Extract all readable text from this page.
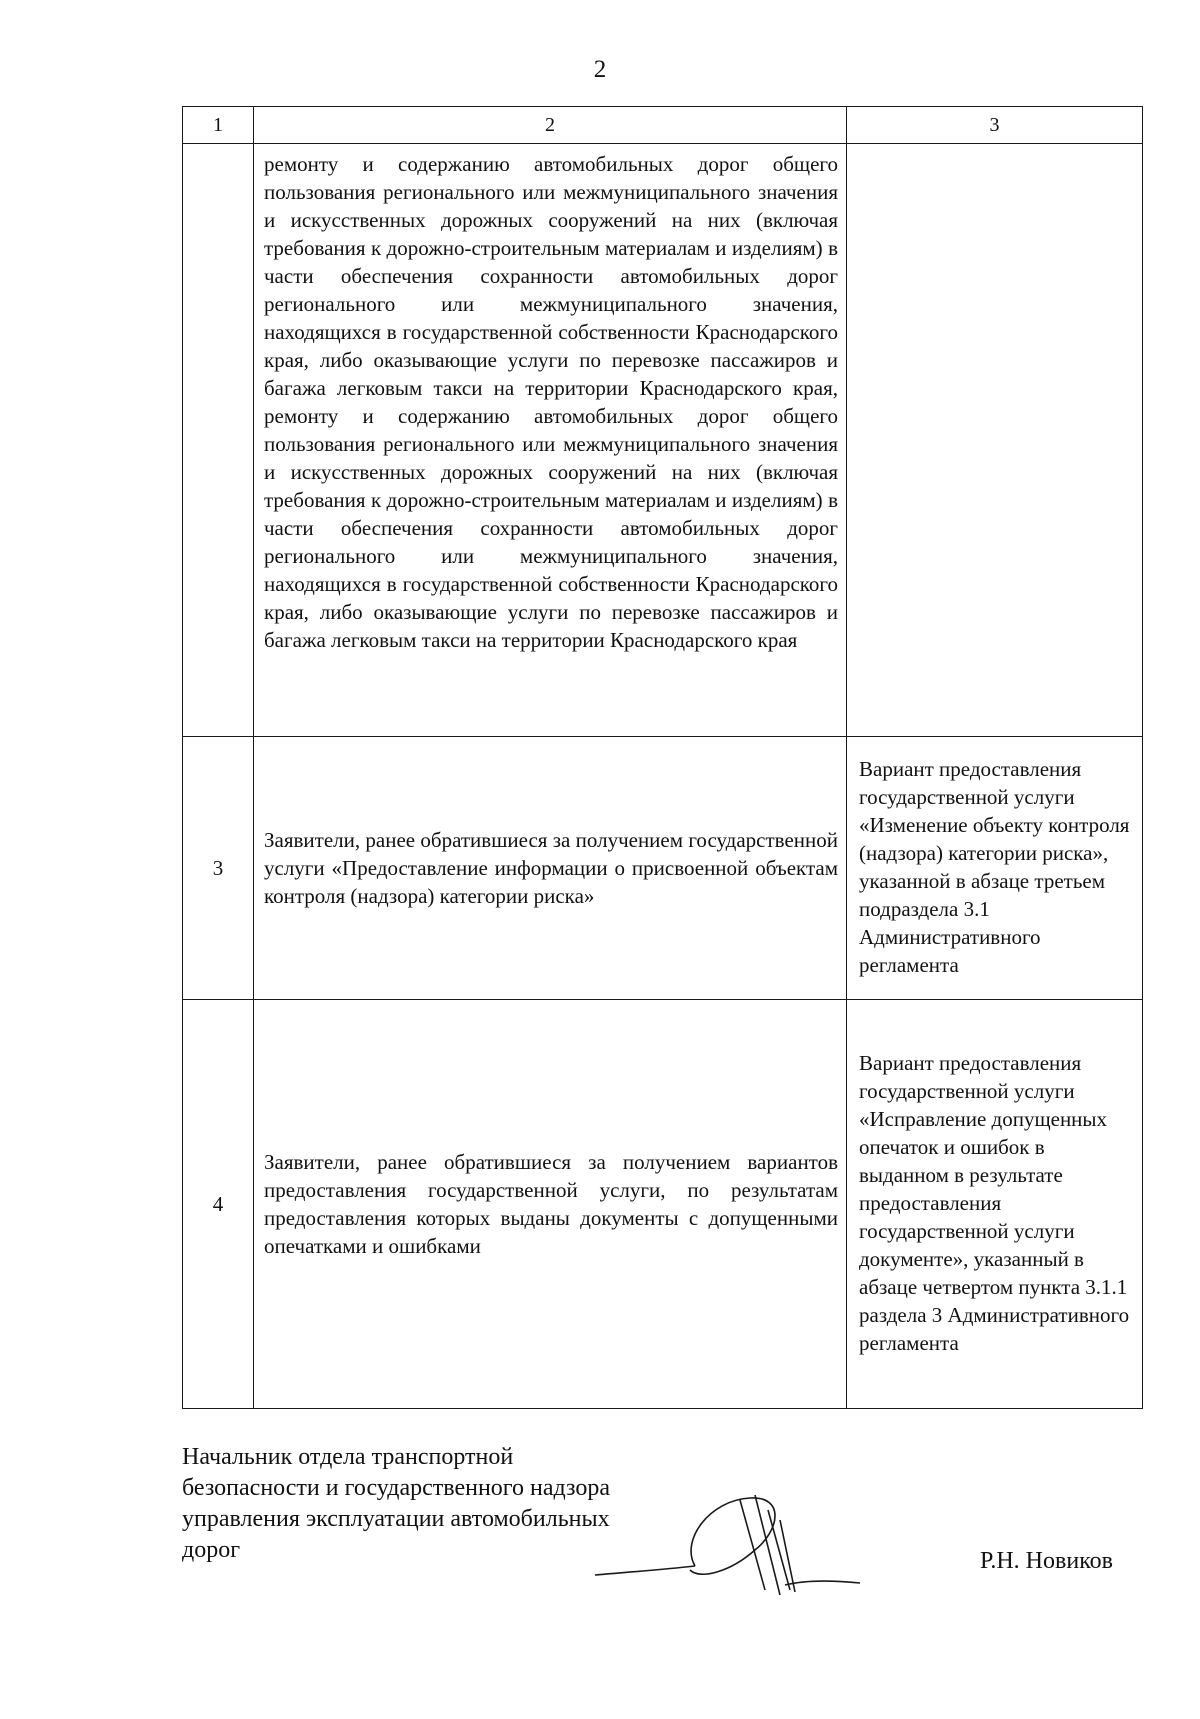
2
1	2	3
	ремонту и содержанию автомобильных дорог общего пользования регионального или межмуниципального значения и искусственных дорожных сооружений на них (включая требования к дорожно-строительным материалам и изделиям) в части обеспечения сохранности автомобильных дорог регионального или межмуниципального значения, находящихся в государственной собственности Краснодарского края, либо оказывающие услуги по перевозке пассажиров и багажа легковым такси на территории Краснодарского края, ремонту и содержанию автомобильных дорог общего пользования регионального или межмуниципального значения и искусственных дорожных сооружений на них (включая требования к дорожно-строительным материалам и изделиям) в части обеспечения сохранности автомобильных дорог регионального или межмуниципального значения, находящихся в государственной собственности Краснодарского края, либо оказывающие услуги по перевозке пассажиров и багажа легковым такси на территории Краснодарского края	
3	Заявители, ранее обратившиеся за получением государственной услуги «Предоставление информации о присвоенной объектам контроля (надзора) категории риска»	Вариант предоставления государственной услуги «Изменение объекту контроля (надзора) категории риска», указанной в абзаце третьем подраздела 3.1 Административного регламента
4	Заявители, ранее обратившиеся за получением вариантов предоставления государственной услуги, по результатам предоставления которых выданы документы с допущенными опечатками и ошибками	Вариант предоставления государственной услуги «Исправление допущенных опечаток и ошибок в выданном в результате предоставления государственной услуги документе», указанный в абзаце четвертом пункта 3.1.1 раздела 3 Административного регламента
Начальник отдела транспортной безопасности и государственного надзора управления эксплуатации автомобильных дорог	Р.Н. Новиков
